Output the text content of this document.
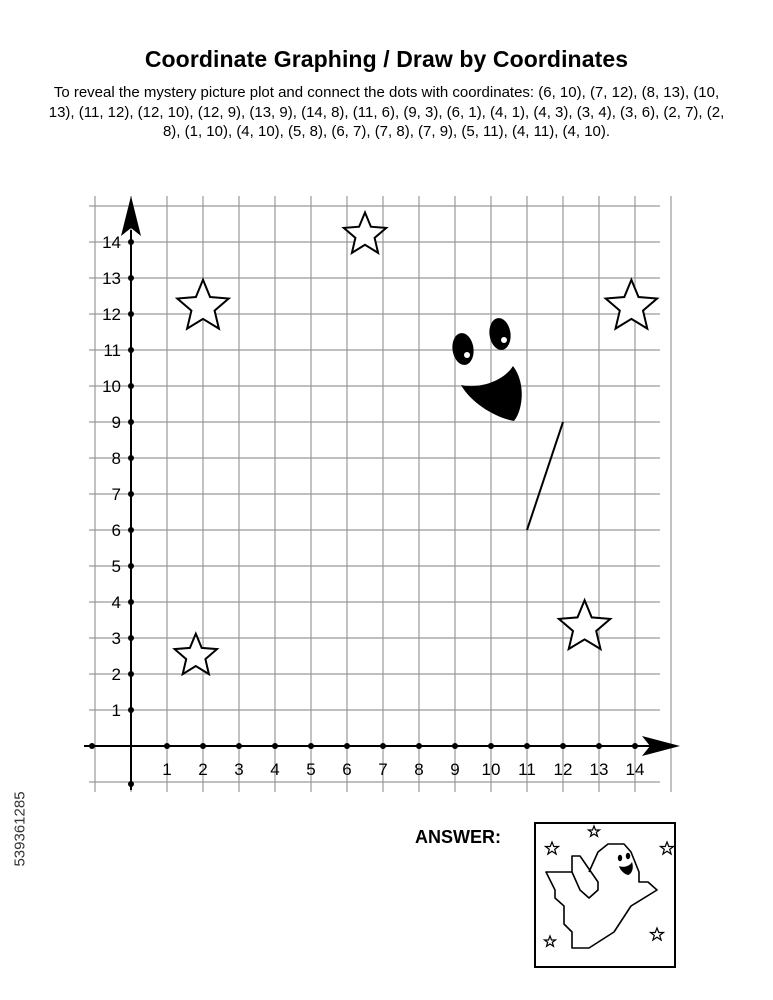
1 2 3 4 5 6 7 8 9 10 11 12 13 14
1
2
3
4
5
6
7
8
9
10
11
12
13
14
Coordinate Graphing / Draw by Coordinates
To reveal the mystery picture plot and connect the dots with coordinates: (6, 10), (7, 12), (8, 13), (10, 13), (11, 12), (12, 10), (12, 9), (13, 9), (14, 8), (11, 6), (9, 3), (6, 1), (4, 1), (4, 3), (3, 4), (3, 6), (2, 7), (2, 8), (1, 10), (4, 10), (5, 8), (6, 7), (7, 8), (7, 9), (5, 11), (4, 11), (4, 10).
ANSWER:
539361285
